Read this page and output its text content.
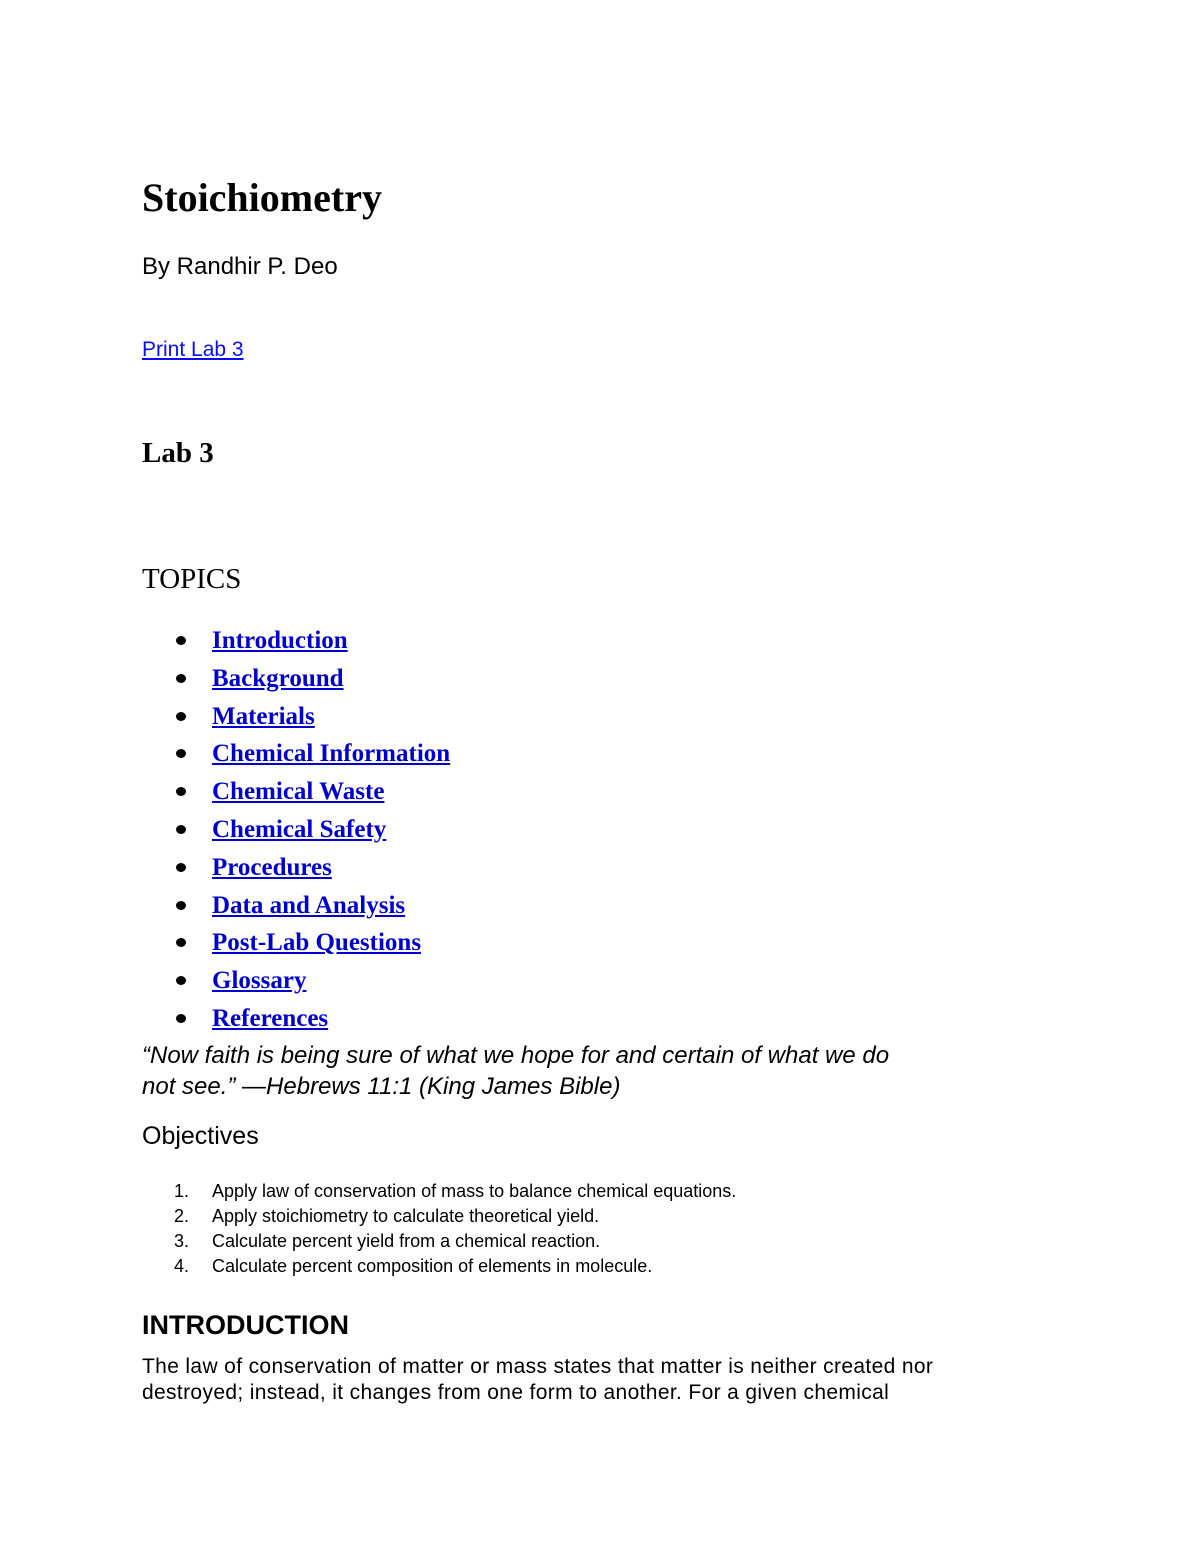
Stoichiometry

By Randhir P. Deo

Print Lab 3
Lab 3
TOPICS
Introduction
Background
Materials
Chemical Information
Chemical Waste
Chemical Safety
Procedures
Data and Analysis
Post-Lab Questions
Glossary
References

“Now faith is being sure of what we hope for and certain of what we do
not see.” —Hebrews 11:1 (King James Bible)

Objectives
1. Apply law of conservation of mass to balance chemical equations.
2. Apply stoichiometry to calculate theoretical yield.
3. Calculate percent yield from a chemical reaction.
4. Calculate percent composition of elements in molecule.
INTRODUCTION

The law of conservation of matter or mass states that matter is neither created nor
destroyed; instead, it changes from one form to another. For a given chemical
